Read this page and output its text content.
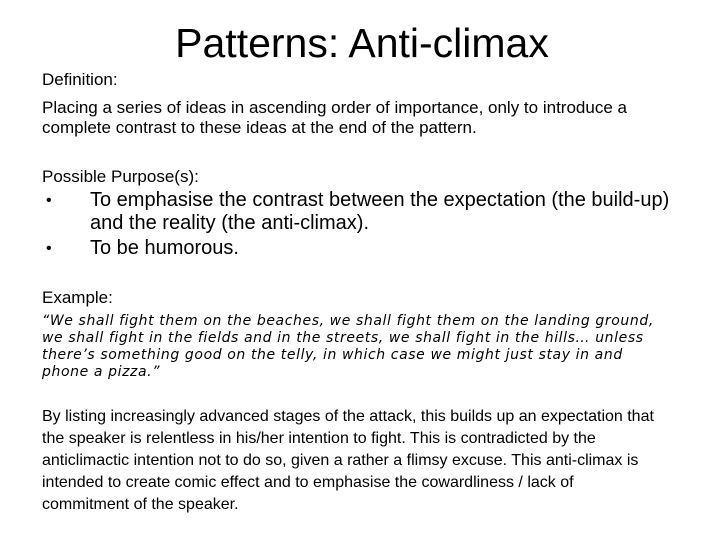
Patterns: Anti-climax
Definition:
Placing a series of ideas in ascending order of importance, only to introduce a complete contrast to these ideas at the end of the pattern.
Possible Purpose(s):
• To emphasise the contrast between the expectation (the build-up) and the reality (the anti-climax).
• To be humorous.
Example:
“We shall fight them on the beaches, we shall fight them on the landing ground, we shall fight in the fields and in the streets, we shall fight in the hills… unless there’s something good on the telly, in which case we might just stay in and phone a pizza.”
By listing increasingly advanced stages of the attack, this builds up an expectation that the speaker is relentless in his/her intention to fight. This is contradicted by the anticlimactic intention not to do so, given a rather a flimsy excuse. This anti-climax is intended to create comic effect and to emphasise the cowardliness / lack of commitment of the speaker.
